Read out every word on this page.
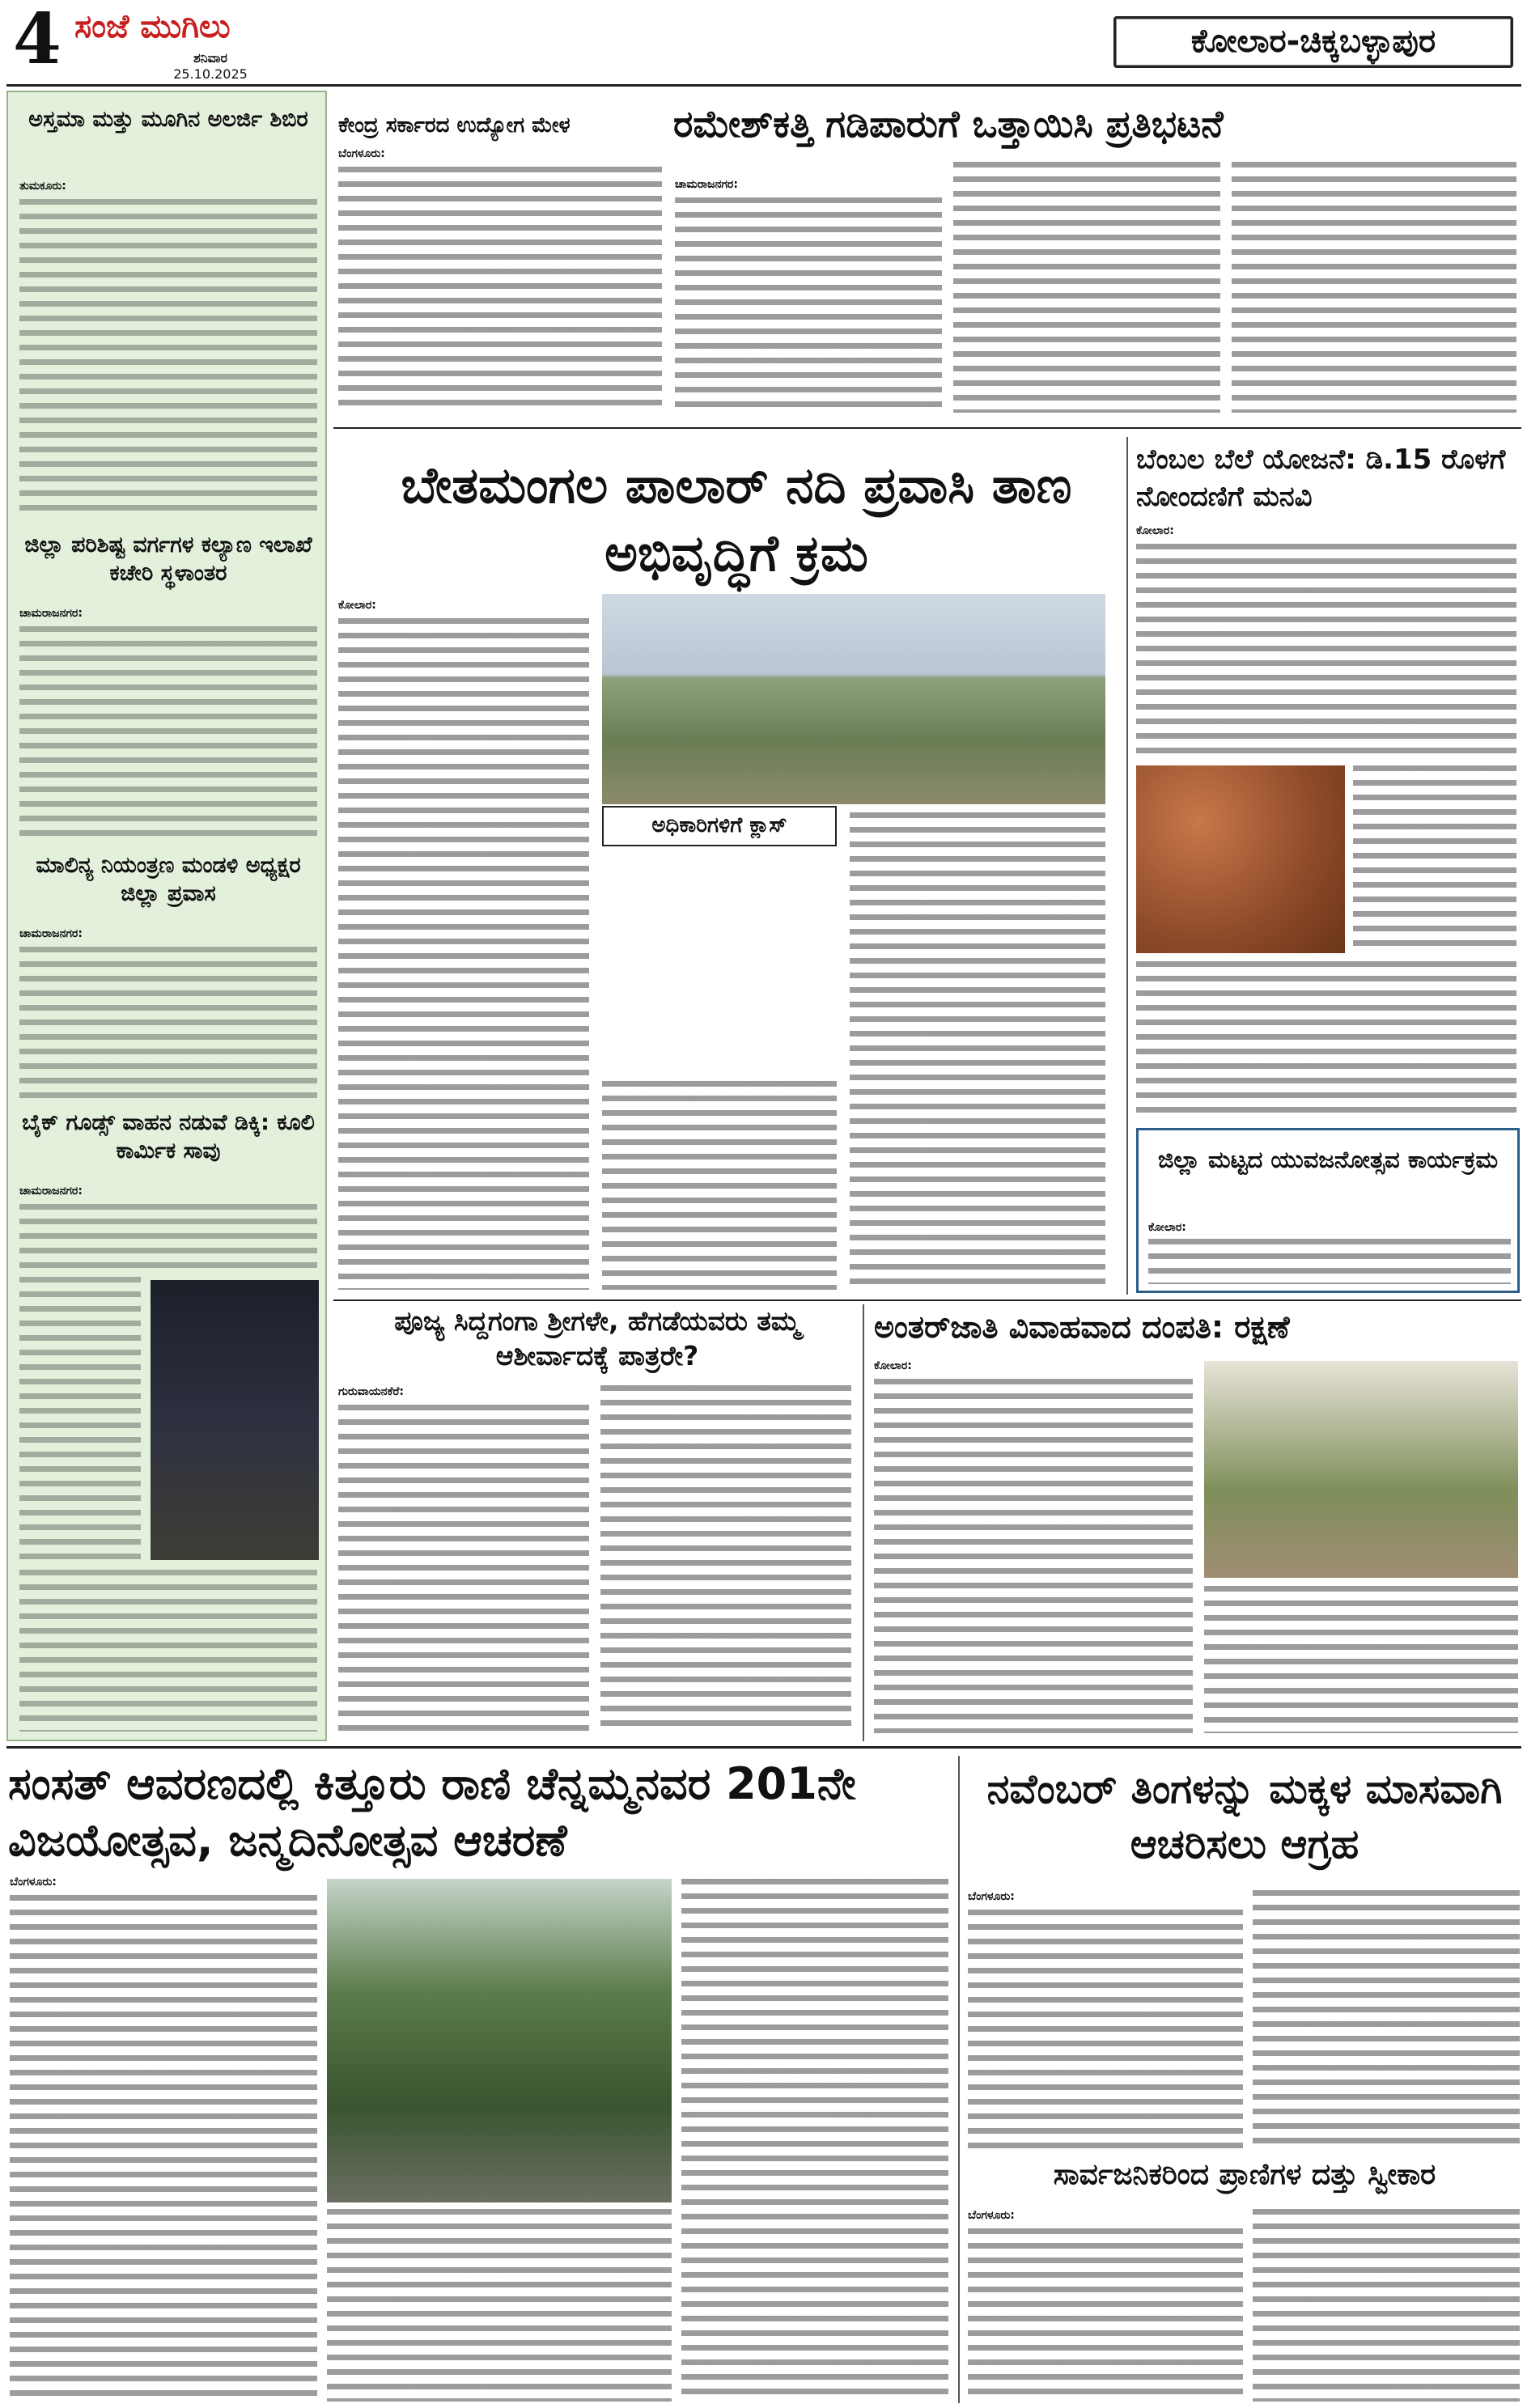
4 ಸಂಜೆ ಮುಗಿಲು
ಶನಿವಾರ
25.10.2025
ಕೋಲಾರ-ಚಿಕ್ಕಬಳ್ಳಾಪುರ
ಅಸ್ತಮಾ ಮತ್ತು ಮೂಗಿನ ಅಲರ್ಜಿ ಶಿಬಿರ
ತುಮಕೂರು:
ಜಿಲ್ಲಾ ಪರಿಶಿಷ್ಟ ವರ್ಗಗಳ ಕಲ್ಯಾಣ ಇಲಾಖೆ ಕಚೇರಿ ಸ್ಥಳಾಂತರ
ಚಾಮರಾಜನಗರ:
ಮಾಲಿನ್ಯ ನಿಯಂತ್ರಣ ಮಂಡಳಿ ಅಧ್ಯಕ್ಷರ ಜಿಲ್ಲಾ ಪ್ರವಾಸ
ಚಾಮರಾಜನಗರ:
ಬೈಕ್ ಗೂಡ್ಸ್ ವಾಹನ ನಡುವೆ ಡಿಕ್ಕಿ: ಕೂಲಿ ಕಾರ್ಮಿಕ ಸಾವು
ಚಾಮರಾಜನಗರ:
ಕೇಂದ್ರ ಸರ್ಕಾರದ ಉದ್ಯೋಗ ಮೇಳ
ಬೆಂಗಳೂರು:
ರಮೇಶ್‌ಕತ್ತಿ ಗಡಿಪಾರುಗೆ ಒತ್ತಾಯಿಸಿ ಪ್ರತಿಭಟನೆ
ಚಾಮರಾಜನಗರ:
ಬೇತಮಂಗಲ ಪಾಲಾರ್ ನದಿ ಪ್ರವಾಸಿ ತಾಣ ಅಭಿವೃದ್ಧಿಗೆ ಕ್ರಮ
ಕೋಲಾರ:
ಅಧಿಕಾರಿಗಳಿಗೆ ಕ್ಲಾಸ್
ಬೆಂಬಲ ಬೆಲೆ ಯೋಜನೆ: ಡಿ.15 ರೊಳಗೆ ನೋಂದಣಿಗೆ ಮನವಿ
ಕೋಲಾರ:
ಜಿಲ್ಲಾ ಮಟ್ಟದ ಯುವಜನೋತ್ಸವ ಕಾರ್ಯಕ್ರಮ
ಕೋಲಾರ:
ಪೂಜ್ಯ ಸಿದ್ದಗಂಗಾ ಶ್ರೀಗಳೇ, ಹೆಗಡೆಯವರು ತಮ್ಮ ಆಶೀರ್ವಾದಕ್ಕೆ ಪಾತ್ರರೇ?
ಗುರುವಾಯನಕೆರೆ:
ಅಂತರ್‌ಜಾತಿ ವಿವಾಹವಾದ ದಂಪತಿ: ರಕ್ಷಣೆ
ಕೋಲಾರ:
ಸಂಸತ್ ಆವರಣದಲ್ಲಿ ಕಿತ್ತೂರು ರಾಣಿ ಚೆನ್ನಮ್ಮನವರ 201ನೇ ವಿಜಯೋತ್ಸವ, ಜನ್ಮದಿನೋತ್ಸವ ಆಚರಣೆ
ಬೆಂಗಳೂರು:
ನವೆಂಬರ್ ತಿಂಗಳನ್ನು ಮಕ್ಕಳ ಮಾಸವಾಗಿ ಆಚರಿಸಲು ಆಗ್ರಹ
ಬೆಂಗಳೂರು:
ಸಾರ್ವಜನಿಕರಿಂದ ಪ್ರಾಣಿಗಳ ದತ್ತು ಸ್ವೀಕಾರ
ಬೆಂಗಳೂರು:
